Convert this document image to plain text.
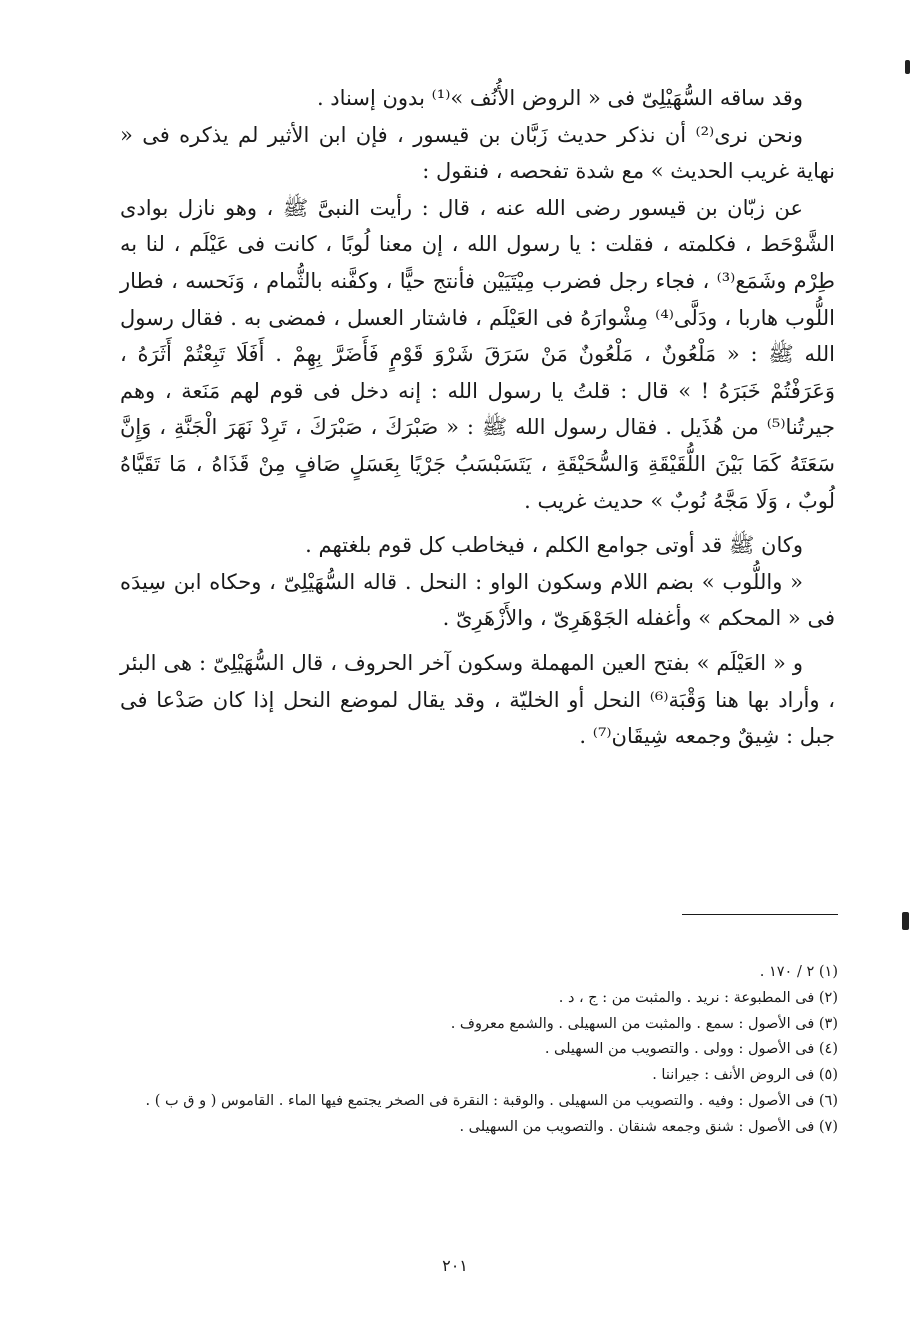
وقد ساقه السُّهَيْلِىّ فى « الروض الأُنُف »⁽¹⁾ بدون إسناد .

ونحن نرى⁽²⁾ أن نذكر حديث زَبَّان بن قيسور ، فإن ابن الأثير لم يذكره فى « نهاية غريب الحديث » مع شدة تفحصه ، فنقول :

عن زبّان بن قيسور رضى الله عنه ، قال : رأيت النبىَّ ﷺ ، وهو نازل بوادى الشَّوْحَط ، فكلمته ، فقلت : يا رسول الله ، إن معنا لُوبًا ، كانت فى عَيْلَم ، لنا به طِرْم وشَمَع⁽³⁾ ، فجاء رجل فضرب مِيْتَيَيْن فأنتج حيًّا ، وكفَّنه بالثُّمام ، وَنَحسه ، فطار اللُّوب هاربا ، ودَلَّى⁽⁴⁾ مِشْوارَهُ فى العَيْلَم ، فاشتار العسل ، فمضى به . فقال رسول الله ﷺ : « مَلْعُونٌ ، مَلْعُونٌ مَنْ سَرَقَ شَرْوَ قَوْمٍ فَأَضَرَّ بِهِمْ . أَفَلَا تَبِعْتُمْ أَثَرَهُ ، وَعَرَفْتُمْ خَبَرَهُ ! » قال : قلتُ يا رسول الله : إنه دخل فى قوم لهم مَنَعة ، وهم جيرتُنا⁽⁵⁾ من هُذَيل . فقال رسول الله ﷺ : « صَبْرَكَ ، صَبْرَكَ ، تَرِدْ نَهَرَ الْجَنَّةِ ، وَإِنَّ سَعَتَهُ كَمَا بَيْنَ اللُّقَيْقَةِ وَالسُّحَيْقَةِ ، يَتَسَبْسَبُ جَرْيًا بِعَسَلٍ صَافٍ مِنْ قَذَاهُ ، مَا تَقَيَّاهُ لُوبٌ ، وَلَا مَجَّهُ نُوبٌ » حديث غريب .

وكان ﷺ قد أوتى جوامع الكلم ، فيخاطب كل قوم بلغتهم .

« واللُّوب » بضم اللام وسكون الواو : النحل . قاله السُّهَيْلِىّ ، وحكاه ابن سِيدَه فى « المحكم » وأغفله الجَوْهَرِىّ ، والأَزْهَرِىّ .

و « العَيْلَم » بفتح العين المهملة وسكون آخر الحروف ، قال السُّهَيْلِىّ : هى البئر ، وأراد بها هنا وَقْبَة⁽⁶⁾ النحل أو الخليّة ، وقد يقال لموضع النحل إذا كان صَدْعا فى جبل : شِيقٌ وجمعه شِيقَان⁽⁷⁾ .

(١) ٢ / ١٧٠ .

(٢) فى المطبوعة : نريد . والمثبت من : ج ، د .

(٣) فى الأصول : سمع . والمثبت من السهيلى . والشمع معروف .

(٤) فى الأصول : وولى . والتصويب من السهيلى .

(٥) فى الروض الأنف : جيراننا .

(٦) فى الأصول : وفيه . والتصويب من السهيلى . والوقبة : النقرة فى الصخر يجتمع فيها الماء . القاموس ( و ق ب ) .

(٧) فى الأصول : شنق وجمعه شنقان . والتصويب من السهيلى .

٢٠١
